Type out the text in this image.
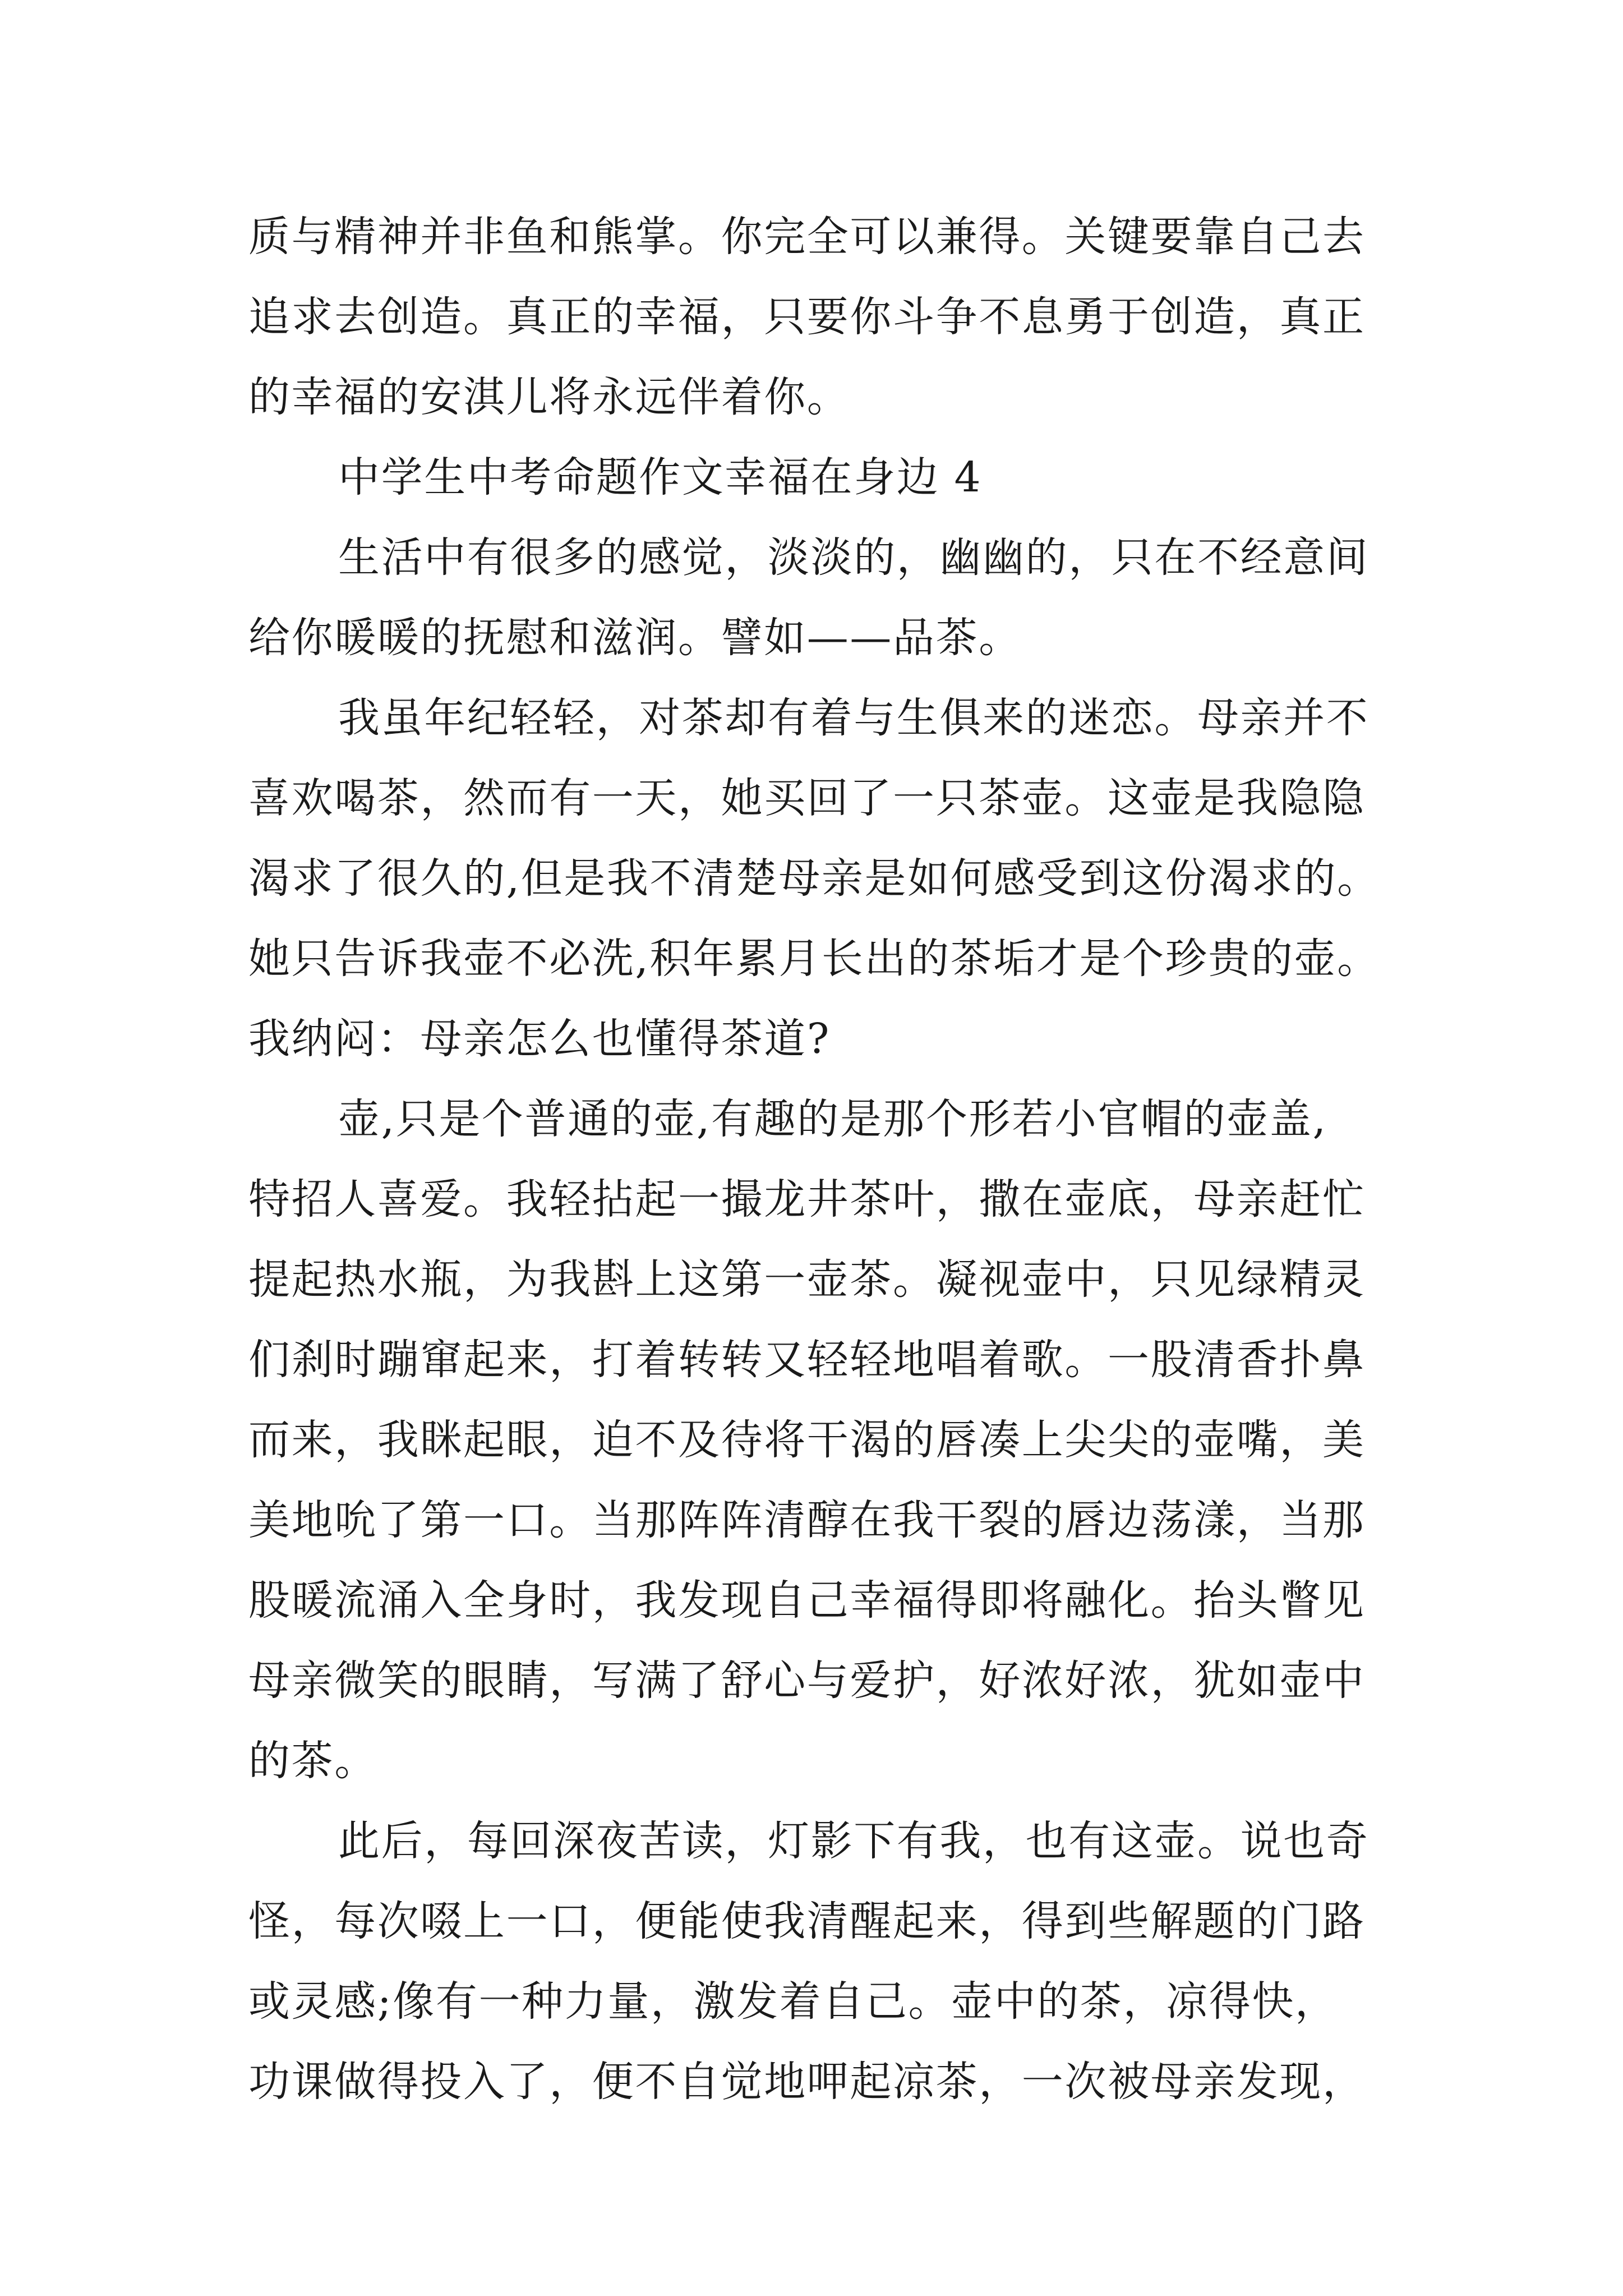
质与精神并非鱼和熊掌。你完全可以兼得。关键要靠自己去
追求去创造。真正的幸福，只要你斗争不息勇于创造，真正
的幸福的安淇儿将永远伴着你。
中学生中考命题作文幸福在身边 4
生活中有很多的感觉，淡淡的，幽幽的，只在不经意间
给你暖暖的抚慰和滋润。譬如——品茶。
我虽年纪轻轻，对茶却有着与生俱来的迷恋。母亲并不
喜欢喝茶，然而有一天，她买回了一只茶壶。这壶是我隐隐
渴求了很久的,但是我不清楚母亲是如何感受到这份渴求的。
她只告诉我壶不必洗,积年累月长出的茶垢才是个珍贵的壶。
我纳闷：母亲怎么也懂得茶道?
壶,只是个普通的壶,有趣的是那个形若小官帽的壶盖,
特招人喜爱。我轻拈起一撮龙井茶叶，撒在壶底，母亲赶忙
提起热水瓶，为我斟上这第一壶茶。凝视壶中，只见绿精灵
们刹时蹦窜起来，打着转转又轻轻地唱着歌。一股清香扑鼻
而来，我眯起眼，迫不及待将干渴的唇凑上尖尖的壶嘴，美
美地吮了第一口。当那阵阵清醇在我干裂的唇边荡漾，当那
股暖流涌入全身时，我发现自己幸福得即将融化。抬头瞥见
母亲微笑的眼睛，写满了舒心与爱护，好浓好浓，犹如壶中
的茶。
此后，每回深夜苦读，灯影下有我，也有这壶。说也奇
怪，每次啜上一口，便能使我清醒起来，得到些解题的门路
或灵感;像有一种力量，激发着自己。壶中的茶，凉得快，
功课做得投入了，便不自觉地呷起凉茶，一次被母亲发现，
